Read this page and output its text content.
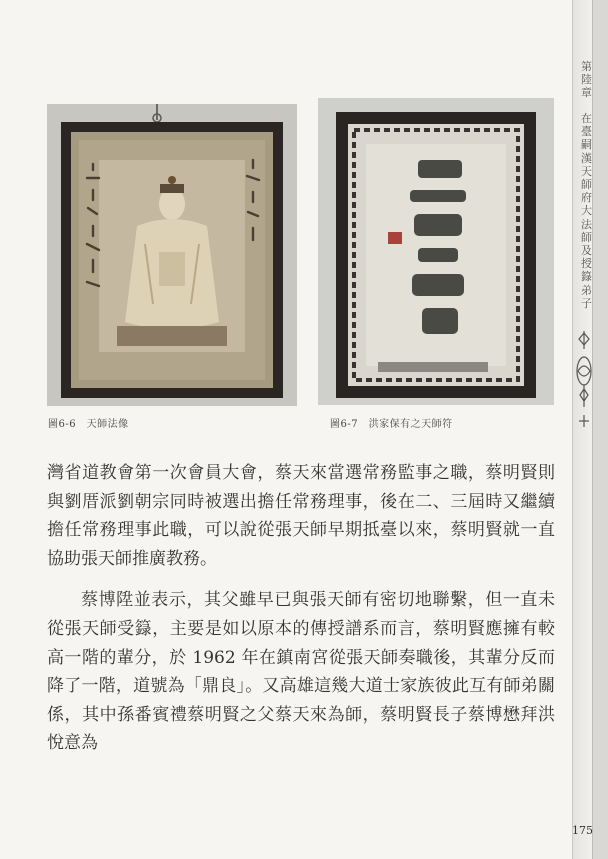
圖6-6　天師法像	圖6-7　洪家保有之天師符

灣省道教會第一次會員大會，蔡天來當選常務監事之職，蔡明賢則與劉厝派劉朝宗同時被選出擔任常務理事，後在二、三屆時又繼續擔任常務理事此職，可以說從張天師早期抵臺以來，蔡明賢就一直協助張天師推廣教務。

蔡博陞並表示，其父雖早已與張天師有密切地聯繫，但一直未從張天師受籙，主要是如以原本的傳授譜系而言，蔡明賢應擁有較高一階的輩分，於 1962 年在鎮南宮從張天師奏職後，其輩分反而降了一階，道號為「鼎良」。又高雄這幾大道士家族彼此互有師弟關係，其中孫番賓禮蔡明賢之父蔡天來為師，蔡明賢長子蔡博懋拜洪悅意為

第陸章
在臺嗣漢天師府大法師及授籙弟子
175
